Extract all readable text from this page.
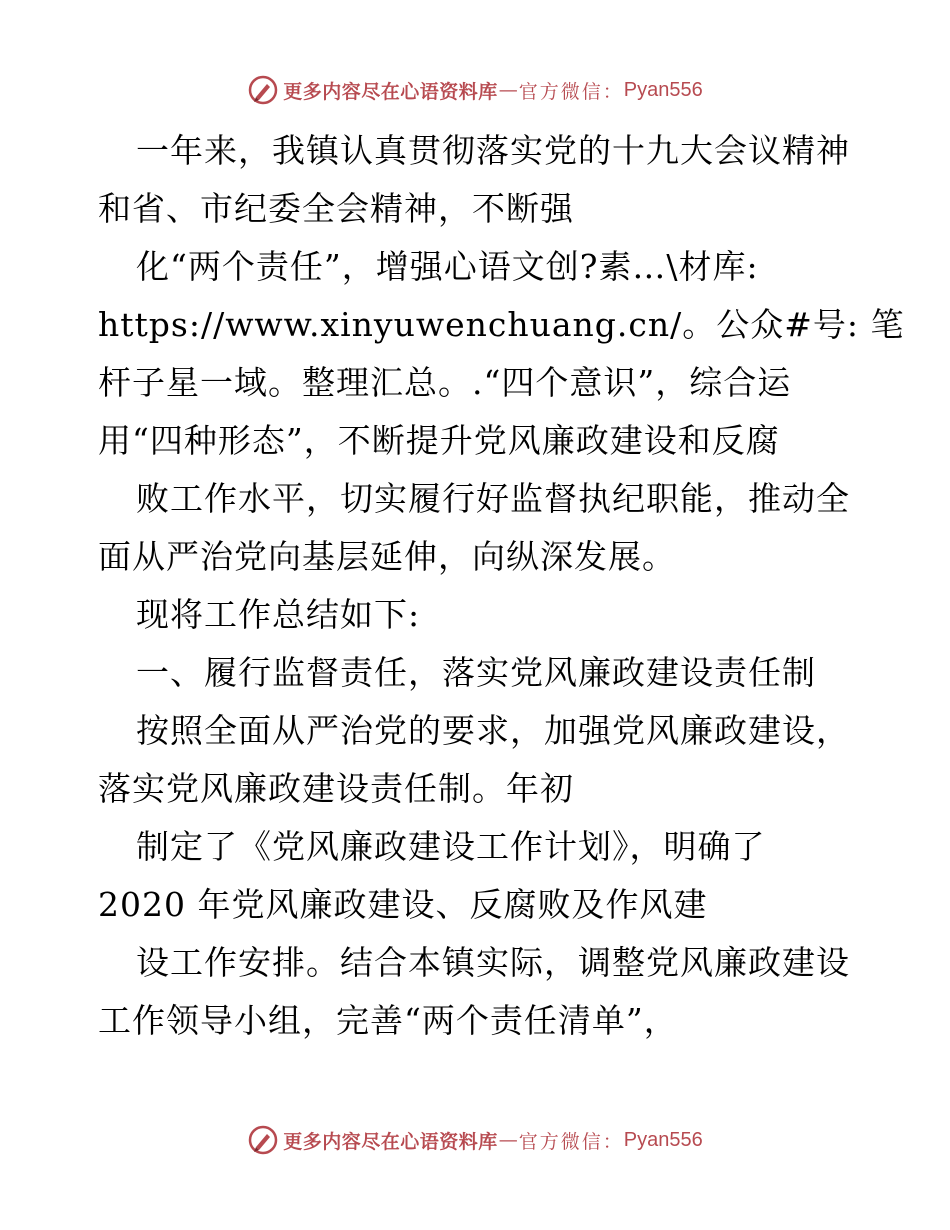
更多内容尽在心语资料库 — 官方微信： Pyan556
一年来，我镇认真贯彻落实党的十九大会议精神
和省、市纪委全会精神，不断强
化“两个责任”，增强心语文创?素…\材库:
https://www.xinyuwenchuang.cn/。公众#号: 笔
杆子星一域。整理汇总。.“四个意识”，综合运
用“四种形态”，不断提升党风廉政建设和反腐
败工作水平，切实履行好监督执纪职能，推动全
面从严治党向基层延伸，向纵深发展。
现将工作总结如下:
一、履行监督责任，落实党风廉政建设责任制
按照全面从严治党的要求，加强党风廉政建设，
落实党风廉政建设责任制。年初
制定了《党风廉政建设工作计划》，明确了
2020 年党风廉政建设、反腐败及作风建
设工作安排。结合本镇实际，调整党风廉政建设
工作领导小组，完善“两个责任清单”，
更多内容尽在心语资料库 — 官方微信： Pyan556
